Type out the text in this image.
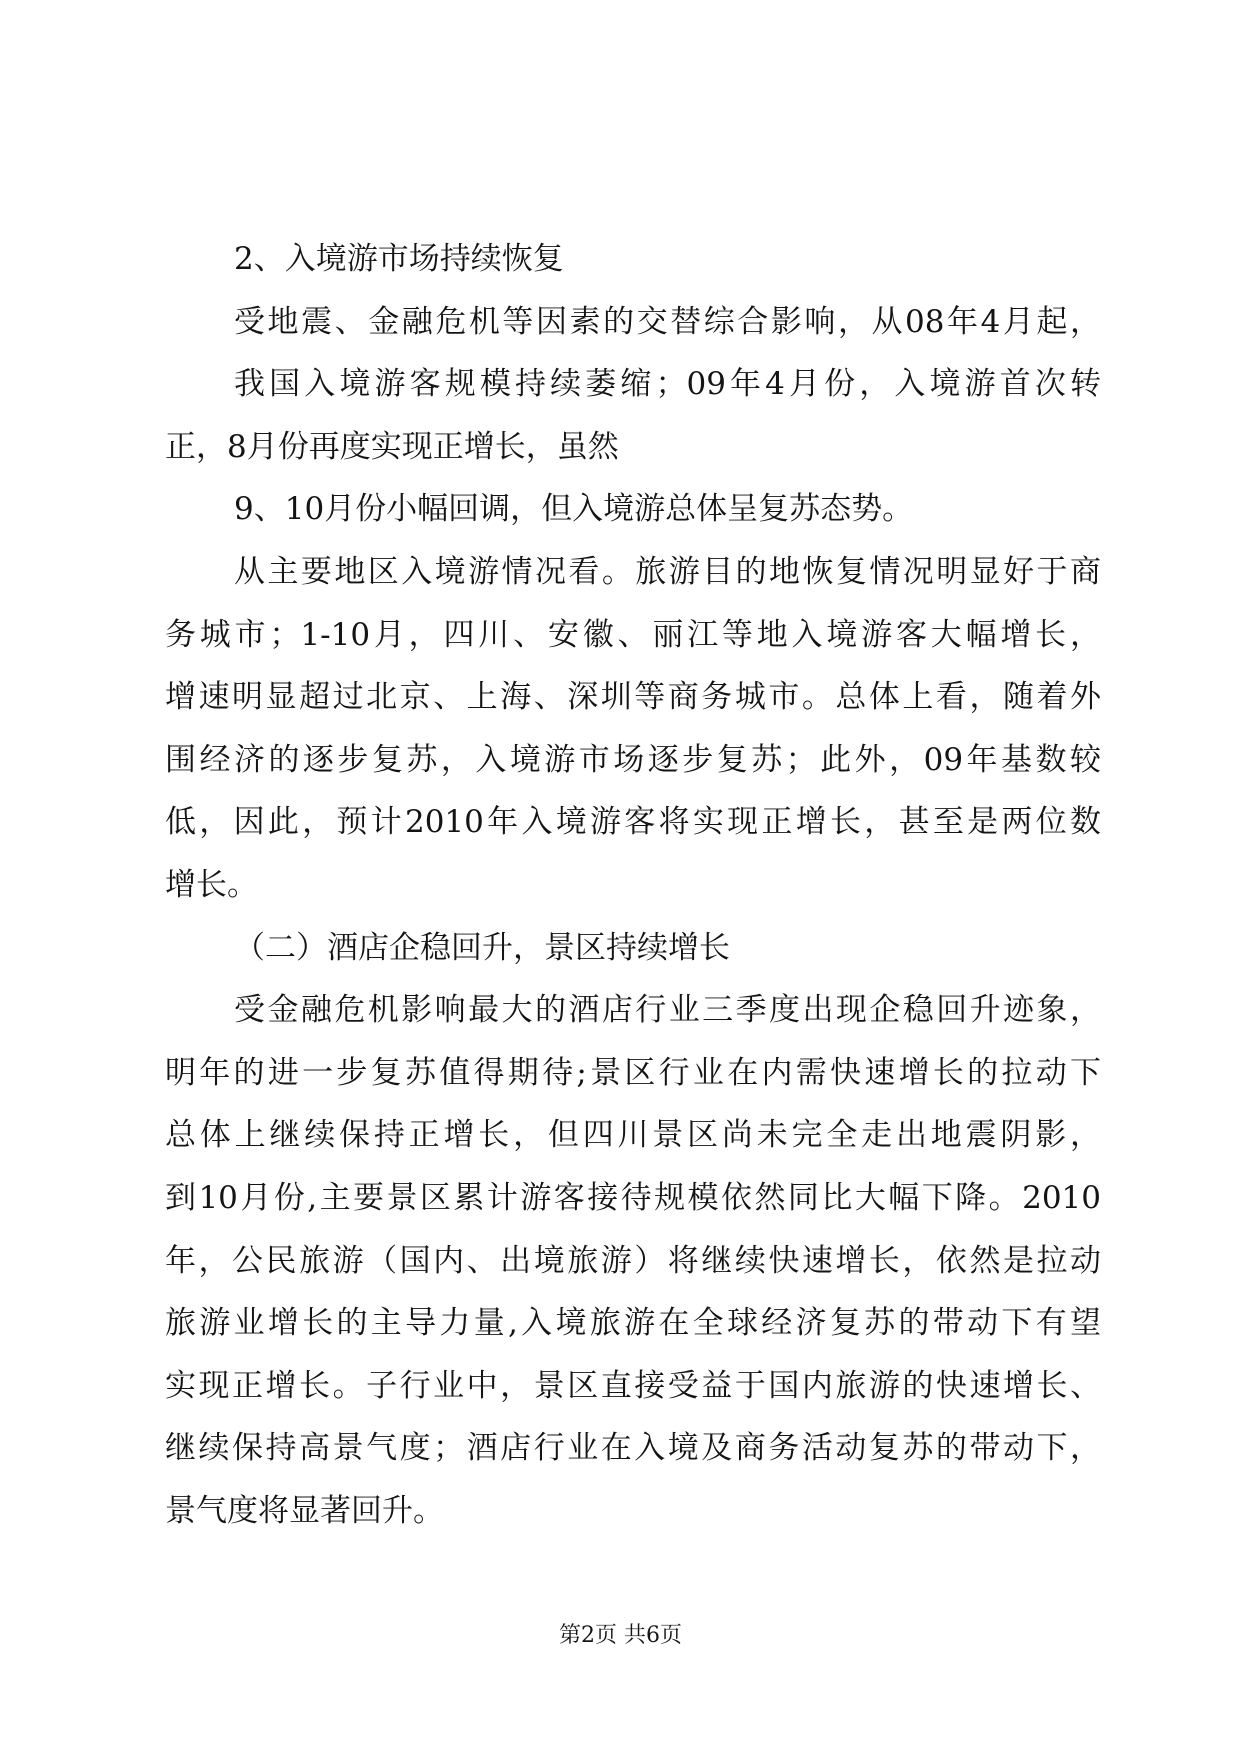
2、入境游市场持续恢复
受地震、金融危机等因素的交替综合影响，从08年4月起，
我国入境游客规模持续萎缩；09年4月份，入境游首次转
正，8月份再度实现正增长，虽然
9、10月份小幅回调，但入境游总体呈复苏态势。
从主要地区入境游情况看。旅游目的地恢复情况明显好于商
务城市；1-10月，四川、安徽、丽江等地入境游客大幅增长，
增速明显超过北京、上海、深圳等商务城市。总体上看，随着外
围经济的逐步复苏，入境游市场逐步复苏；此外，09年基数较
低，因此，预计2010年入境游客将实现正增长，甚至是两位数
增长。
（二）酒店企稳回升，景区持续增长
受金融危机影响最大的酒店行业三季度出现企稳回升迹象，
明年的进一步复苏值得期待;景区行业在内需快速增长的拉动下
总体上继续保持正增长，但四川景区尚未完全走出地震阴影，
到10月份,主要景区累计游客接待规模依然同比大幅下降。2010
年，公民旅游（国内、出境旅游）将继续快速增长，依然是拉动
旅游业增长的主导力量,入境旅游在全球经济复苏的带动下有望
实现正增长。子行业中，景区直接受益于国内旅游的快速增长、
继续保持高景气度；酒店行业在入境及商务活动复苏的带动下，
景气度将显著回升。
第2页 共6页
